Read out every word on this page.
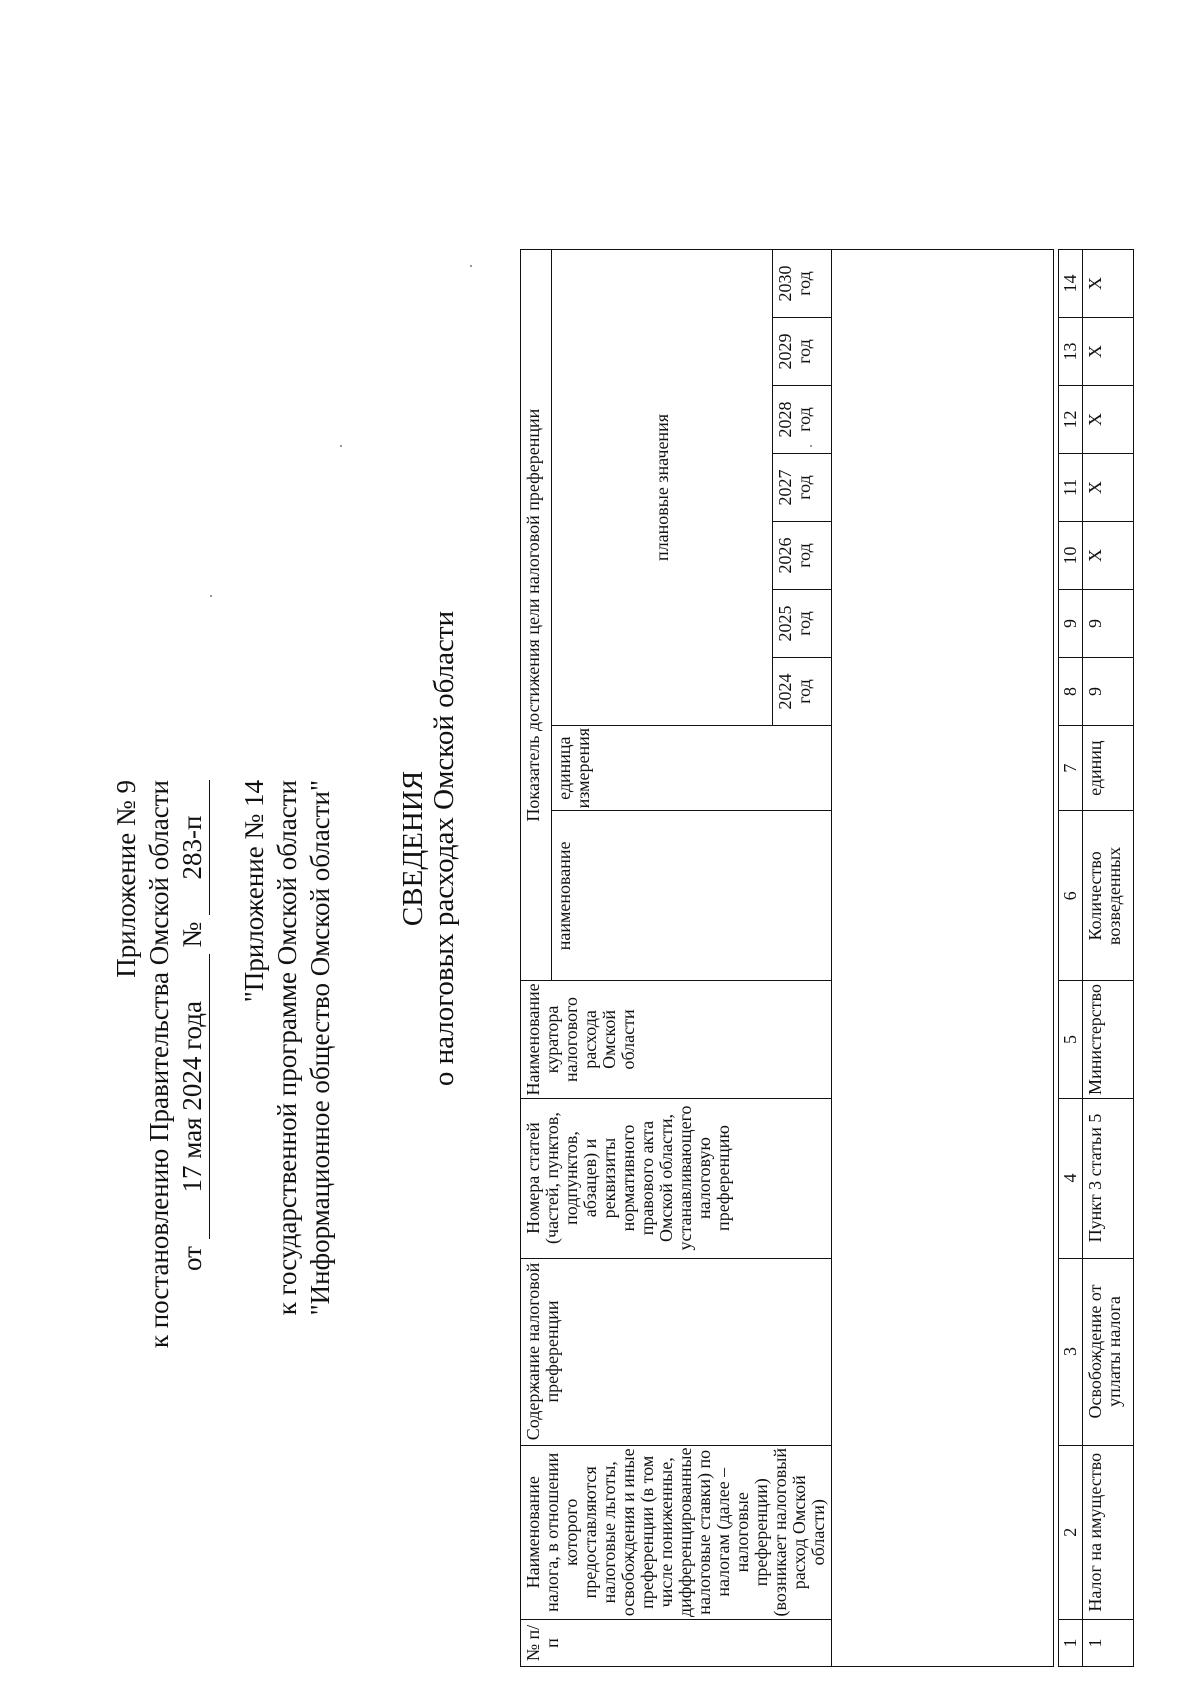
Приложение № 9 к постановлению Правительства Омской области от 17 мая 2024 года № 283-п "Приложение № 14 к государственной программе Омской области "Информационное общество Омской области" СВЕДЕНИЯ о налоговых расходах Омской области
№ п/п	Наименование налога, в отношении которого предоставляются налоговые льготы, освобождения и иные преференции (в том числе пониженные, дифференцированные налоговые ставки) по налогам (далее – налоговые преференции) (возникает налоговый расход Омской области)	Содержание налоговой преференции	Номера статей (частей, пунктов, подпунктов, абзацев) и реквизиты нормативного правового акта Омской области, устанавливающего налоговую преференцию	Наименование куратора налогового расхода Омской области	Показатель достижения цели налоговой преференции								
					наименование	единица измерения	плановые значения						
							2024 год	2025 год	2026 год	2027 год	2028 год	2029 год	2030 год

1	2	3	4	5	6	7	8	9	10	11	12	13	14
1	Налог на имущество	Освобождение от уплаты налога	Пункт 3 статьи 5	Министерство	Количество возведенных	единиц	9	9	X	X	X	X	X
